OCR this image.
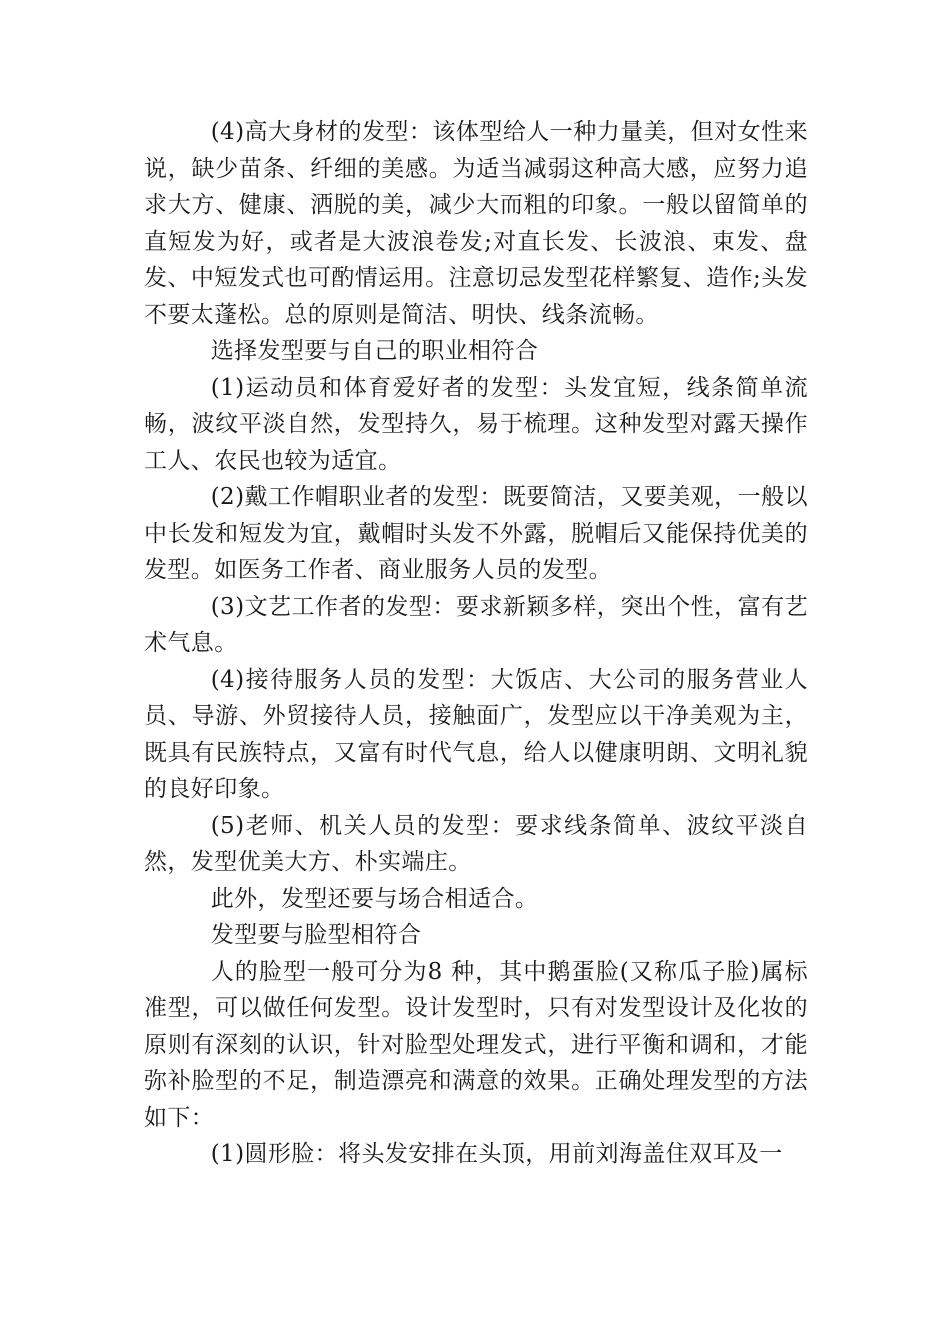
(4)高大身材的发型：该体型给人一种力量美，但对女性来说，缺少苗条、纤细的美感。为适当减弱这种高大感，应努力追求大方、健康、洒脱的美，减少大而粗的印象。一般以留简单的直短发为好，或者是大波浪卷发;对直长发、长波浪、束发、盘发、中短发式也可酌情运用。注意切忌发型花样繁复、造作;头发不要太蓬松。总的原则是简洁、明快、线条流畅。

选择发型要与自己的职业相符合

(1)运动员和体育爱好者的发型：头发宜短，线条简单流畅，波纹平淡自然，发型持久，易于梳理。这种发型对露天操作工人、农民也较为适宜。

(2)戴工作帽职业者的发型：既要简洁，又要美观，一般以中长发和短发为宜，戴帽时头发不外露，脱帽后又能保持优美的发型。如医务工作者、商业服务人员的发型。

(3)文艺工作者的发型：要求新颖多样，突出个性，富有艺术气息。

(4)接待服务人员的发型：大饭店、大公司的服务营业人员、导游、外贸接待人员，接触面广，发型应以干净美观为主，既具有民族特点，又富有时代气息，给人以健康明朗、文明礼貌的良好印象。

(5)老师、机关人员的发型：要求线条简单、波纹平淡自然，发型优美大方、朴实端庄。

此外，发型还要与场合相适合。

发型要与脸型相符合

人的脸型一般可分为8 种，其中鹅蛋脸(又称瓜子脸)属标准型，可以做任何发型。设计发型时，只有对发型设计及化妆的原则有深刻的认识，针对脸型处理发式，进行平衡和调和，才能弥补脸型的不足，制造漂亮和满意的效果。正确处理发型的方法如下：

(1)圆形脸：将头发安排在头顶，用前刘海盖住双耳及一
